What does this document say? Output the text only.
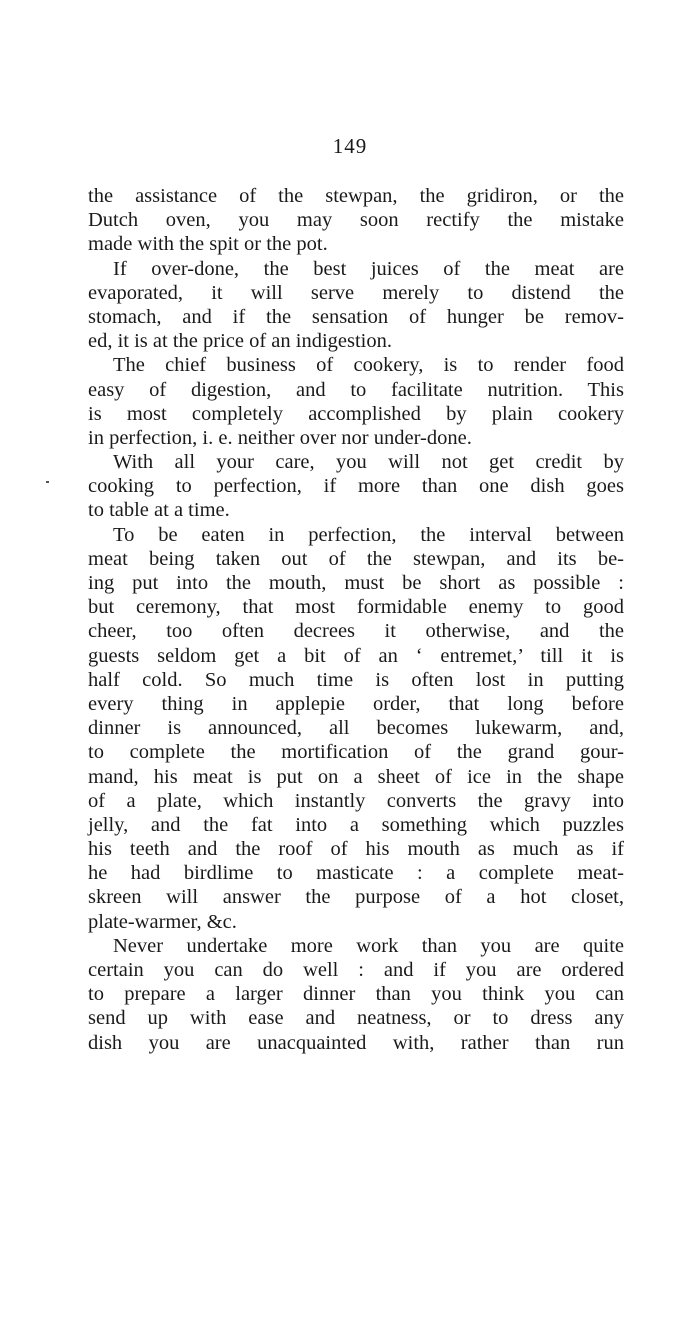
149
the assistance of the stewpan, the gridiron, or the
Dutch oven, you may soon rectify the mistake
made with the spit or the pot.
If over-done, the best juices of the meat are
evaporated, it will serve merely to distend the
stomach, and if the sensation of hunger be remov-
ed, it is at the price of an indigestion.
The chief business of cookery, is to render food
easy of digestion, and to facilitate nutrition. This
is most completely accomplished by plain cookery
in perfection, i. e. neither over nor under-done.
With all your care, you will not get credit by
cooking to perfection, if more than one dish goes
to table at a time.
To be eaten in perfection, the interval between
meat being taken out of the stewpan, and its be-
ing put into the mouth, must be short as possible :
but ceremony, that most formidable enemy to good
cheer, too often decrees it otherwise, and the
guests seldom get a bit of an ‘ entremet,’ till it is
half cold. So much time is often lost in putting
every thing in applepie order, that long before
dinner is announced, all becomes lukewarm, and,
to complete the mortification of the grand gour-
mand, his meat is put on a sheet of ice in the shape
of a plate, which instantly converts the gravy into
jelly, and the fat into a something which puzzles
his teeth and the roof of his mouth as much as if
he had birdlime to masticate : a complete meat-
skreen will answer the purpose of a hot closet,
plate-warmer, &c.
Never undertake more work than you are quite
certain you can do well : and if you are ordered
to prepare a larger dinner than you think you can
send up with ease and neatness, or to dress any
dish you are unacquainted with, rather than run
